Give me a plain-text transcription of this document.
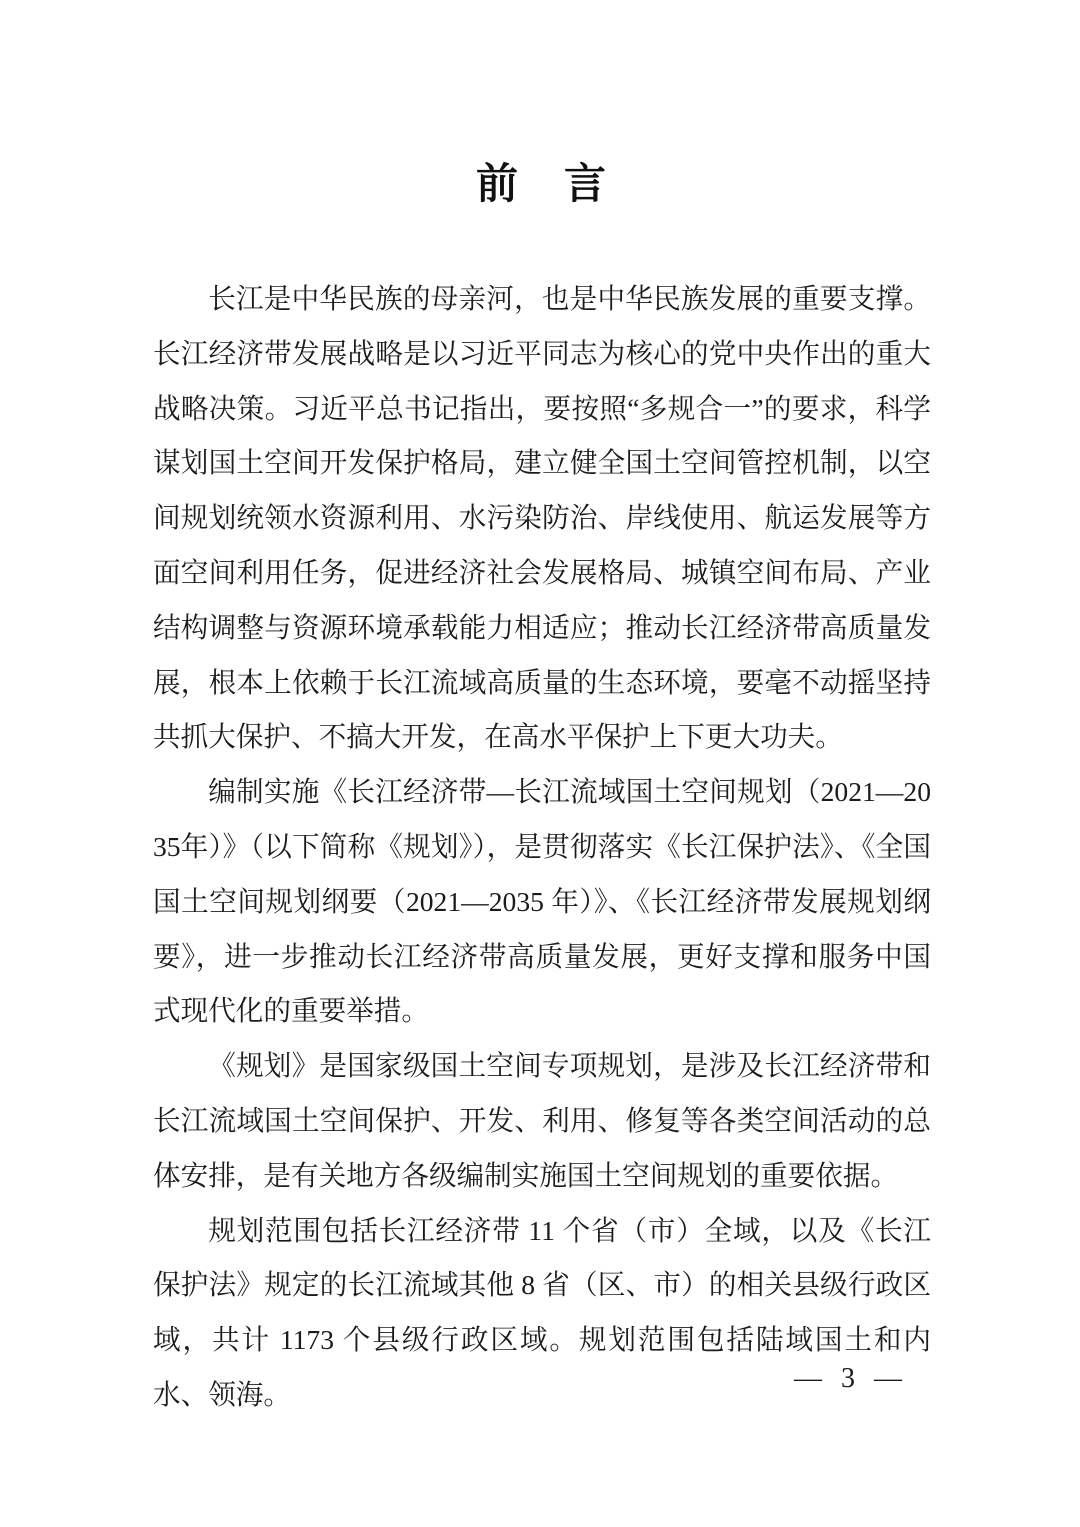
前　言

长江是中华民族的母亲河，也是中华民族发展的重要支撑。长江经济带发展战略是以习近平同志为核心的党中央作出的重大战略决策。习近平总书记指出，要按照“多规合一”的要求，科学谋划国土空间开发保护格局，建立健全国土空间管控机制，以空间规划统领水资源利用、水污染防治、岸线使用、航运发展等方面空间利用任务，促进经济社会发展格局、城镇空间布局、产业结构调整与资源环境承载能力相适应；推动长江经济带高质量发展，根本上依赖于长江流域高质量的生态环境，要毫不动摇坚持共抓大保护、不搞大开发，在高水平保护上下更大功夫。

编制实施《长江经济带—长江流域国土空间规划（2021—2035年）》（以下简称《规划》），是贯彻落实《长江保护法》、《全国国土空间规划纲要（2021—2035 年）》、《长江经济带发展规划纲要》，进一步推动长江经济带高质量发展，更好支撑和服务中国式现代化的重要举措。

《规划》是国家级国土空间专项规划，是涉及长江经济带和长江流域国土空间保护、开发、利用、修复等各类空间活动的总体安排，是有关地方各级编制实施国土空间规划的重要依据。

规划范围包括长江经济带 11 个省（市）全域，以及《长江保护法》规定的长江流域其他 8 省（区、市）的相关县级行政区域，共计 1173 个县级行政区域。规划范围包括陆域国土和内水、领海。

— 3 —
